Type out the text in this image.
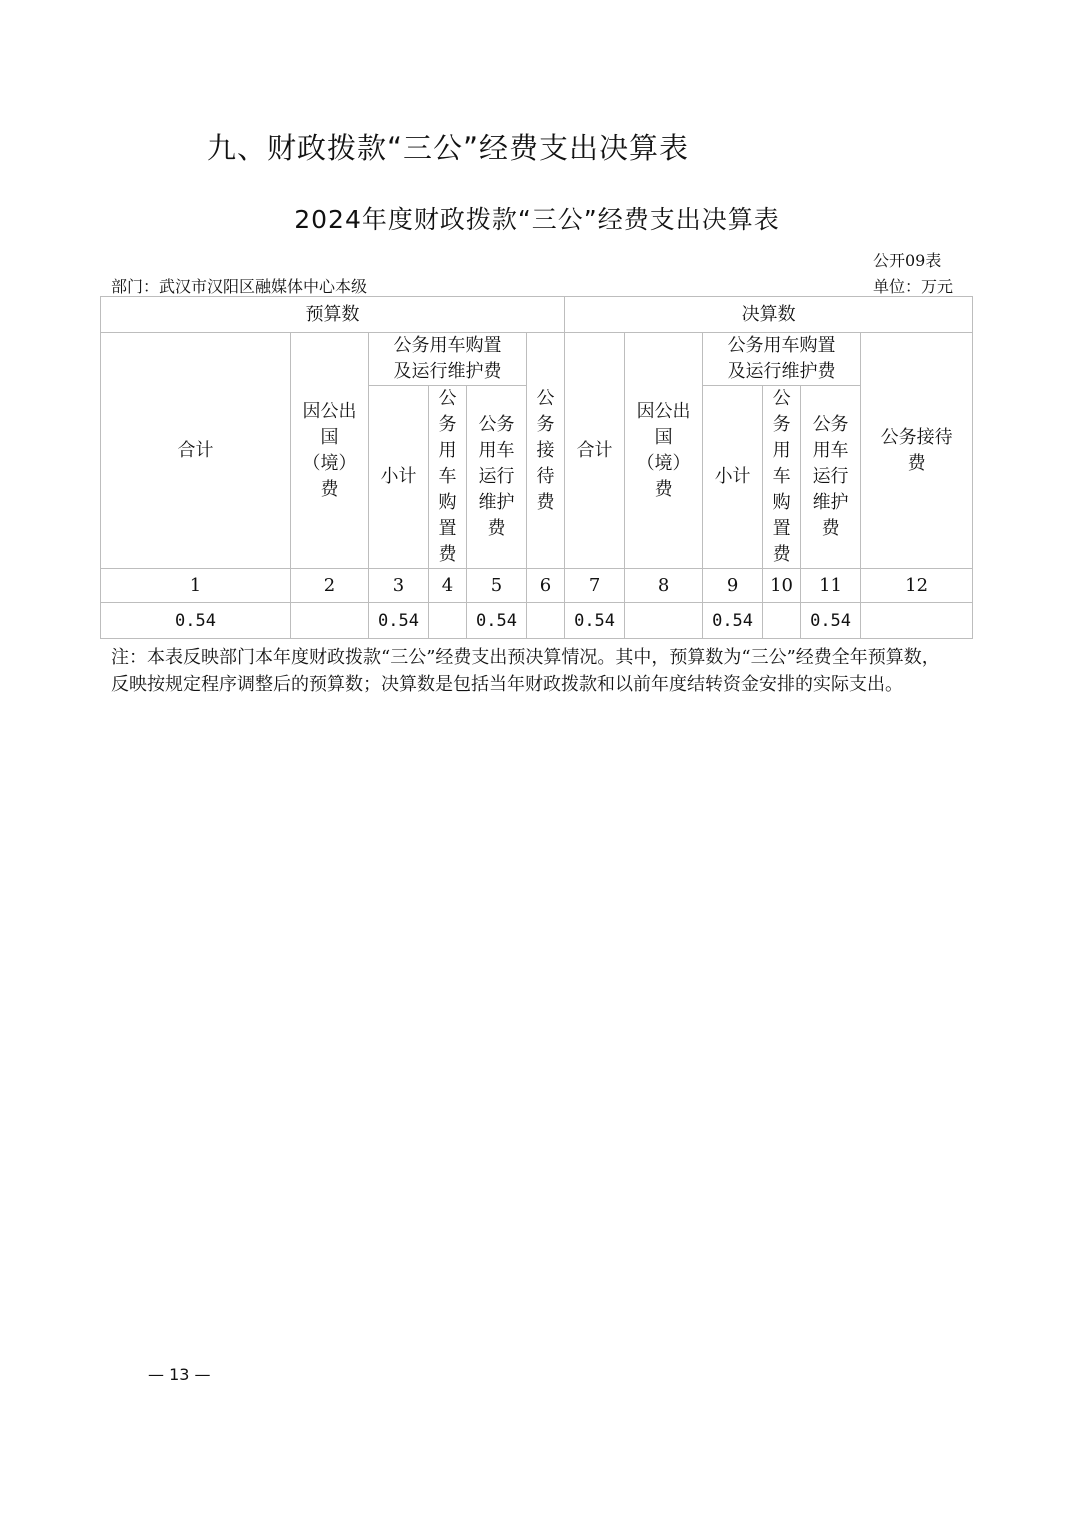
九、财政拨款“三公”经费支出决算表
2024年度财政拨款“三公”经费支出决算表
公开09表
部门：武汉市汉阳区融媒体中心本级	单位：万元
预算数						决算数					
合计	因公出国（境）费	公务用车购置及运行维护费			公务接待费	合计	因公出国（境）费	公务用车购置及运行维护费			公务接待费

		小计	公务用车购置费	公务用车运行维护费				小计	公务用车购置费	公务用车运行维护费	

1	2	3	4	5	6	7	8	9	10	11	12
0.54		0.54		0.54		0.54		0.54		0.54	

注：本表反映部门本年度财政拨款“三公”经费支出预决算情况。其中，预算数为“三公”经费全年预算数，反映按规定程序调整后的预算数；决算数是包括当年财政拨款和以前年度结转资金安排的实际支出。

— 13 —
